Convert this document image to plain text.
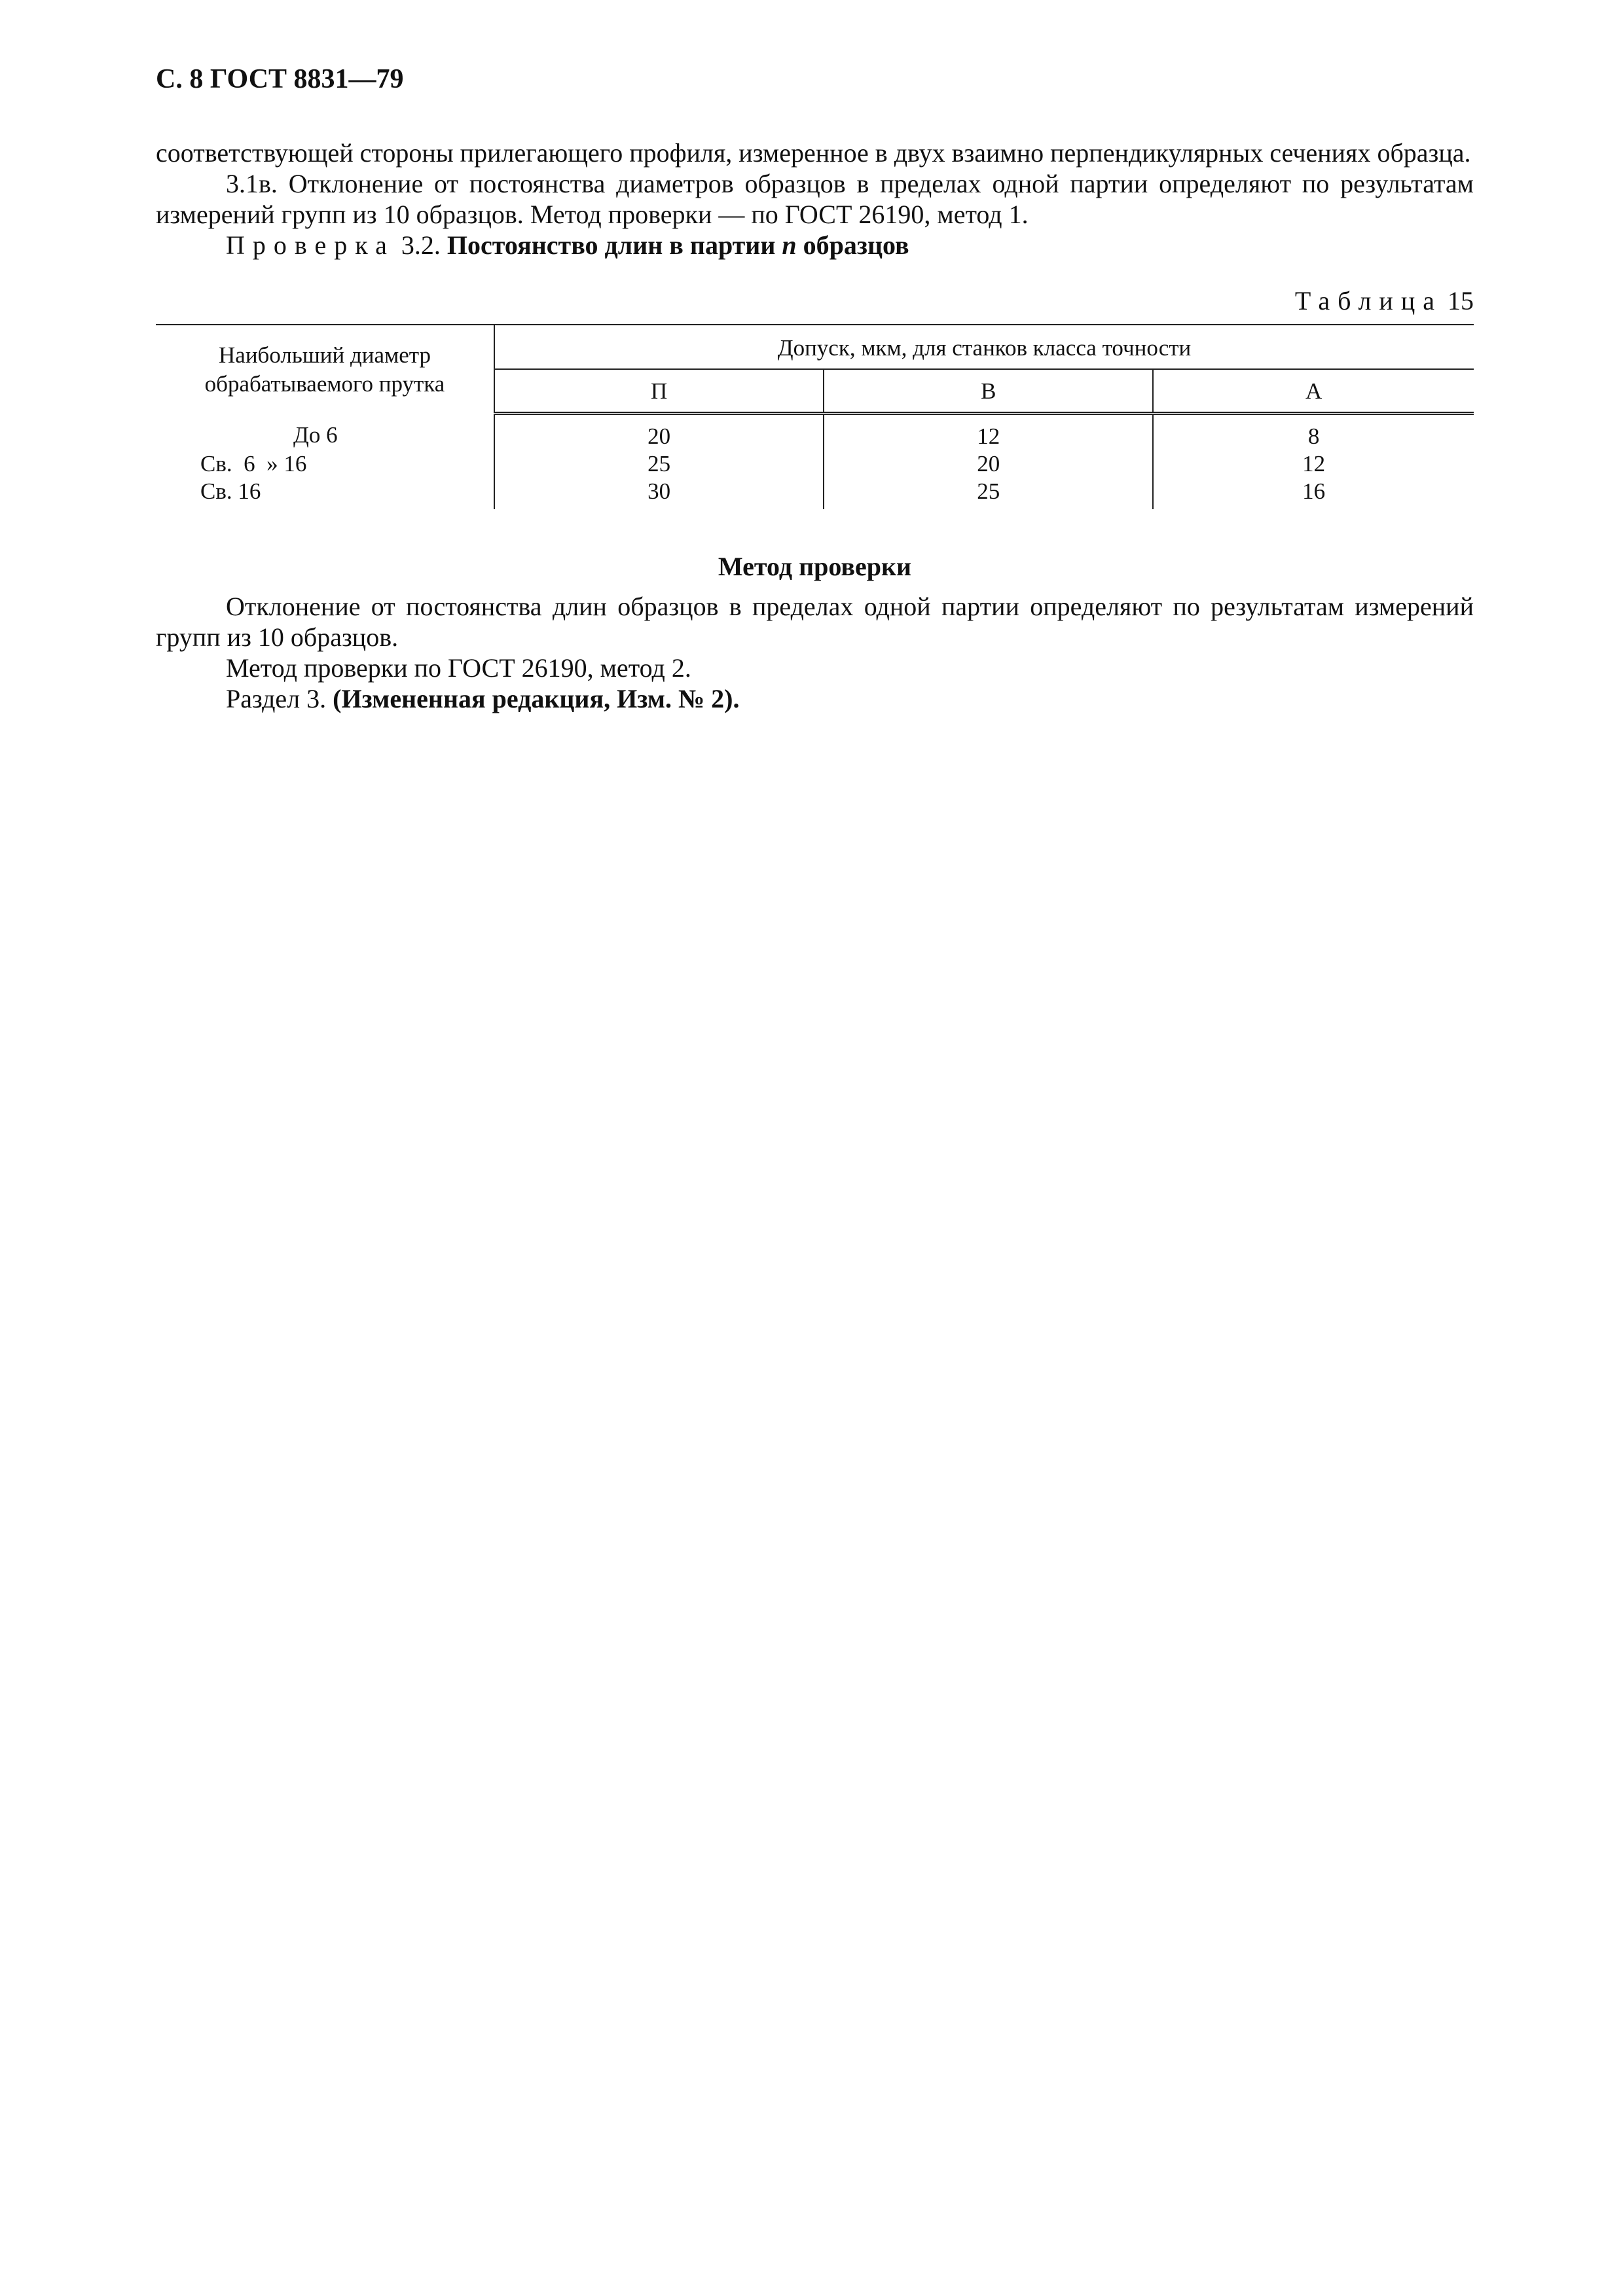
С. 8 ГОСТ 8831—79

соответствующей стороны прилегающего профиля, измеренное в двух взаимно перпендикулярных сечениях образца.

3.1в. Отклонение от постоянства диаметров образцов в пределах одной партии определяют по результатам измерений групп из 10 образцов. Метод проверки — по ГОСТ 26190, метод 1.

Проверка 3.2. Постоянство длин в партии n образцов

Таблица 15
Наибольший диаметр обрабатываемого прутка	Допуск, мкм, для станков класса точности		
	П	В	А
До 6	20	12	8
Св.  6  » 16	25	20	12
Св. 16	30	25	16
Метод проверки

Отклонение от постоянства длин образцов в пределах одной партии определяют по результатам измерений групп из 10 образцов.

Метод проверки по ГОСТ 26190, метод 2.

Раздел 3. (Измененная редакция, Изм. № 2).
